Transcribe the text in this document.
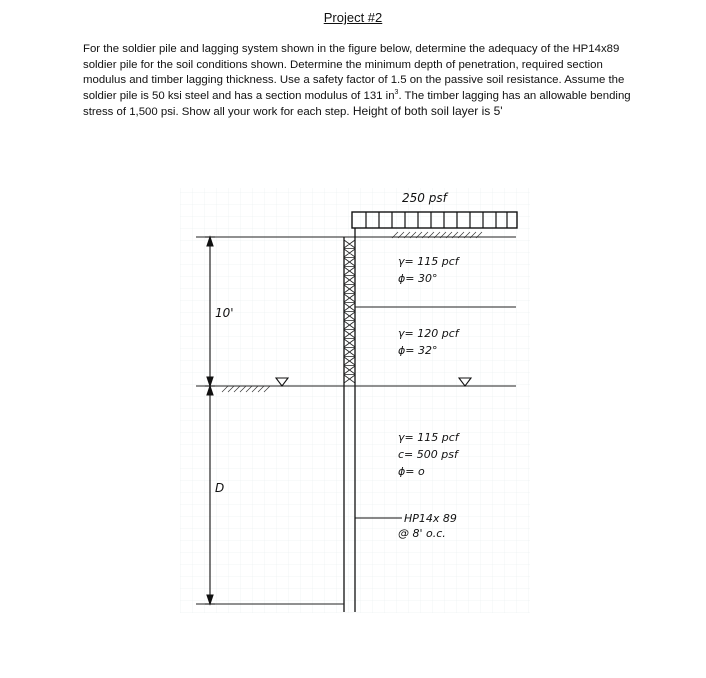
Project #2
For the soldier pile and lagging system shown in the figure below, determine the adequacy of the HP14x89 soldier pile for the soil conditions shown. Determine the minimum depth of penetration, required section modulus and timber lagging thickness. Use a safety factor of 1.5 on the passive soil resistance. Assume the soldier pile is 50 ksi steel and has a section modulus of 131 $in^3$. The timber lagging has an allowable bending stress of 1,500 psi. Show all your work for each step. Height of both soil layer is 5'
250 psf
10'
D
γ= 115 pcf
ϕ= 30°
γ= 120 pcf
ϕ= 32°
γ= 115 pcf
c= 500 psf
ϕ= o
HP14x 89
@ 8' o.c.
